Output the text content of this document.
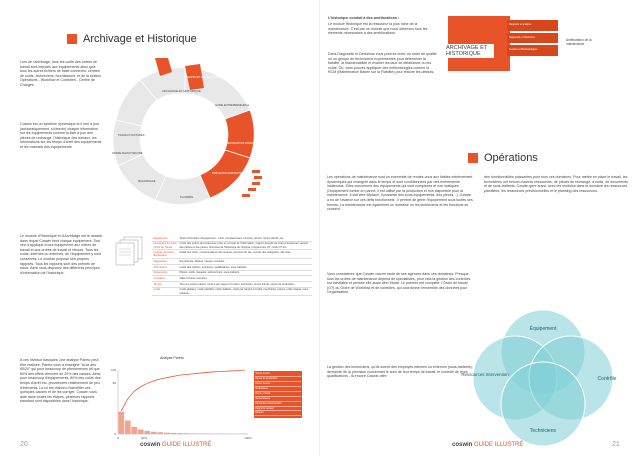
Archivage et Historique
Lors de l'archivage, tous les coûts des ordres de travail sont imputés aux équipements ainsi qu'à tous les autres fichiers de base connexes: centres de coûts, techniciens, fournisseurs, et de la section Opérations - Workflow et Contrôles - Centre de Charges.
Coswin est un système dynamique et il met à jour (automatiquement, si besoin) chaque information sur les équipements comme la liste à jour des pièces de rechange, l'historique des travaux, les informations sur les temps d'arrêt des équipements et les manuels des équipements.
SUPPORT ET TECHNIQUE
ARCHIVAGE ET HISTORIQUE
GUIDE ENTREPRENEURIAL
INFORMATION INGÉNIERIE
PRÉVENTIF/ADMINISTRATIF
PLANNING
MAGASINAGE
ORDRE MAIN D'OEUVRE
TRAVAUX FACTURÉS
Le module d'Historique et d'Archivage est le dossier dans lequel Coswin tient chaque équipement. Tout ceci s'applique à tout équipement aux ordres de travail et aux ordres de travail et retours. Tous les coûts, internes ou externes, de l'équipement y sont conservés. Le module propose ses propres rapports. Tous les rapports sont des présets de stock. Ainsi vous disposez des différents principes d'information de l'historique.
Équipement	Toute information d'équipement : coûts, remplacement, services, pièces, temps d'arrêt, etc.
Demandes de Autre Ordre de Travail	Coûts des ordres de travail avec prise en compte de l'information, rapport accepté de ordre prévisionnel, rapport des pièces et des pièces. Données de l'historique de l'original, programmes OT, coûts OT etc.
Centres de coûts / Bordereaux	Détail des coûts, consommations des revenus, services du site, cumuls des catégories, des sites
Diagnostics	Symptômes, défauts, causes, remèdes
Techniciens	Coûts des métiers, employés, qualifications, sous-traitants
Ressources	Pièces, outils, réquests, actions bons, sous-traitants
Compteur	Valeur fictives compteur
Temps	Tous les temps relevés, heures par rapport à l'ordre / technicien, temps d'arrêt, pertes de production...
Coûts	Coûts globaux, coûts planifiés, coûts réalisés, coûts par rapport à l'ordre / technicien, pièces, ordre réseau, sous-traitants...
Analyse Pareto
0
80
100
0	20%	100%
Temps d'arrêt
Pertes de production
Coûts, heures
Techniciens
Pièces / Stock
Sous-traitants
Demandes d'intervention
Rapports incident
Défauts
A ces niveaux basiques, une analyse Pareto peut être réalisée. Pareto vous a enseigné "la loi des 80/20" qui pour beaucoup de phénomènes dit que 80% des effets viennent de 20% des causes. Ainsi, pour beaucoup d'équipements, 80% des coûts des temps d'arrêt etc. proviennent relativement de peu d'éléments. La loi est d'abord d'identifier ces quelques causes et de les corriger. Coswin vous aide dans toutes les étapes, plusieurs rapports standard sont disponibles dans l'historique.
20	coswin GUIDE ILLUSTRÉ
L'historique conduit à des améliorations :
Le module Historique est la ressource la plus riche de la maintenance. C'est par ce module que nous obtenons tous les éléments nécessaires à des améliorations.
Dans Diagnostic et Décisions vous pourrez créer un ordre de qualité ou un groupe de techniciens expérimentés pour déterminer la fiabilité, la maintenabilité et évaluer les taux de défaillance ou les coûts. Ou, vous pouvez appliquer des méthodologies comme la RCM (Maintenance Basée sur la Fiabilité) pour réduire les défauts.
ARCHIVAGE ET HISTORIQUE
Rapports et analyse
Diagnostic et Décisions
Gestion et Méthodologies
Amélioration de la maintenance
Opérations
Les opérations de maintenance sont un ensemble de rendez-vous aux fiables extrêmement dynamiques qui changent dans le temps et sont conditionnées par des événements inattendus. Elles concernent des équipements qui sont complexes et non statiques (l'équipement tombe en panne, il est utilisé par la production et non disponible pour la maintenance. Il doit être déplacé, il possède des sous-équipements, des pièces...). Coswin a eu de l'avance sur ces défis fonctionnels : il permet de gérer l'équipement sous toutes ses formes. La maintenance est également un domaine où les techniciens et les fonctions se croisent.
Vous constaterez que Coswin couvre toute de ses agences dans ces domaines. Presque tous les ordres de maintenance dépend de spécialistes, pour cela la gestion des contrôles est inévitable et pensée elle aussi dès l'étude. Le premier est complète: l'Ordre de travail (OT) ou Ordre de Workflow et de contrôles, qui coordonne l'ensemble des données pour l'organisation.
La gestion des techniciens, qu'ils soient des employés internes ou externes (sous-traitants), demande de la précision concernant le suivi de leur temps de travail, le contrôle de leurs qualifications - là encore Coswin offre
des fonctionnalités puissantes pour tous ces domaines. Pour mettre en place le travail, les techniciens ont besoin d'autres ressources, de pièces de rechange, d'outils, de documents et de sous-traitants. Coswin gère aussi, avec les modules dans le domaine les ressources planifiées, les ressources prévisionnelles et le planning des ressources.
Équipement
Ressources Intervention
Contrôle
Techniciens
coswin GUIDE ILLUSTRÉ	21
